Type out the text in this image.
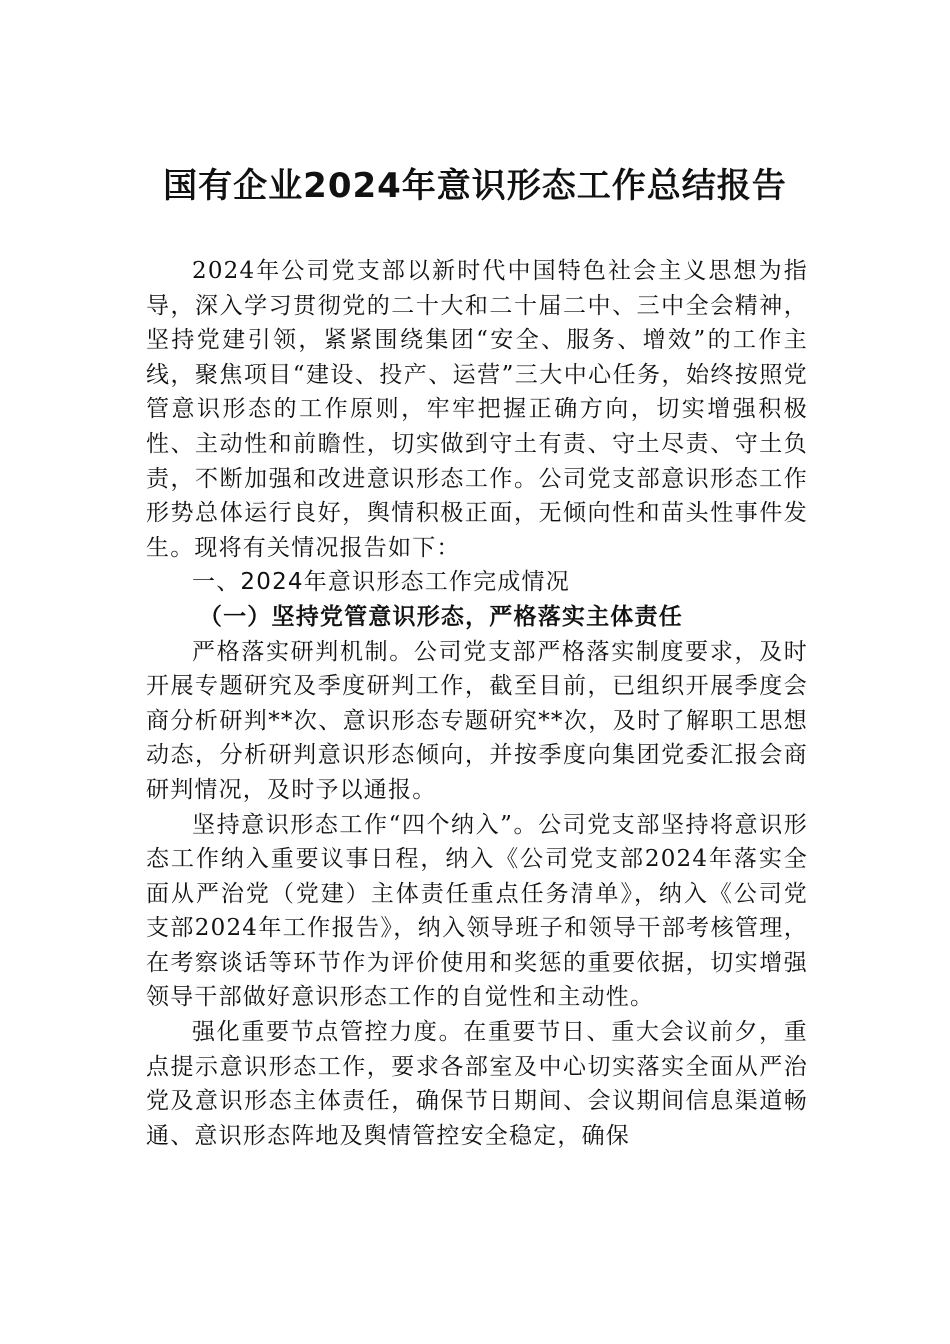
国有企业2024年意识形态工作总结报告

2024年公司党支部以新时代中国特色社会主义思想为指导，深入学习贯彻党的二十大和二十届二中、三中全会精神，坚持党建引领，紧紧围绕集团“安全、服务、增效”的工作主线，聚焦项目“建设、投产、运营”三大中心任务，始终按照党管意识形态的工作原则，牢牢把握正确方向，切实增强积极性、主动性和前瞻性，切实做到守土有责、守土尽责、守土负责，不断加强和改进意识形态工作。公司党支部意识形态工作形势总体运行良好，舆情积极正面，无倾向性和苗头性事件发生。现将有关情况报告如下：

一、2024年意识形态工作完成情况

（一）坚持党管意识形态，严格落实主体责任

严格落实研判机制。公司党支部严格落实制度要求，及时开展专题研究及季度研判工作，截至目前，已组织开展季度会商分析研判**次、意识形态专题研究**次，及时了解职工思想动态，分析研判意识形态倾向，并按季度向集团党委汇报会商研判情况，及时予以通报。

坚持意识形态工作“四个纳入”。公司党支部坚持将意识形态工作纳入重要议事日程，纳入《公司党支部2024年落实全面从严治党（党建）主体责任重点任务清单》，纳入《公司党支部2024年工作报告》，纳入领导班子和领导干部考核管理，在考察谈话等环节作为评价使用和奖惩的重要依据，切实增强领导干部做好意识形态工作的自觉性和主动性。

强化重要节点管控力度。在重要节日、重大会议前夕，重点提示意识形态工作，要求各部室及中心切实落实全面从严治党及意识形态主体责任，确保节日期间、会议期间信息渠道畅通、意识形态阵地及舆情管控安全稳定，确保
